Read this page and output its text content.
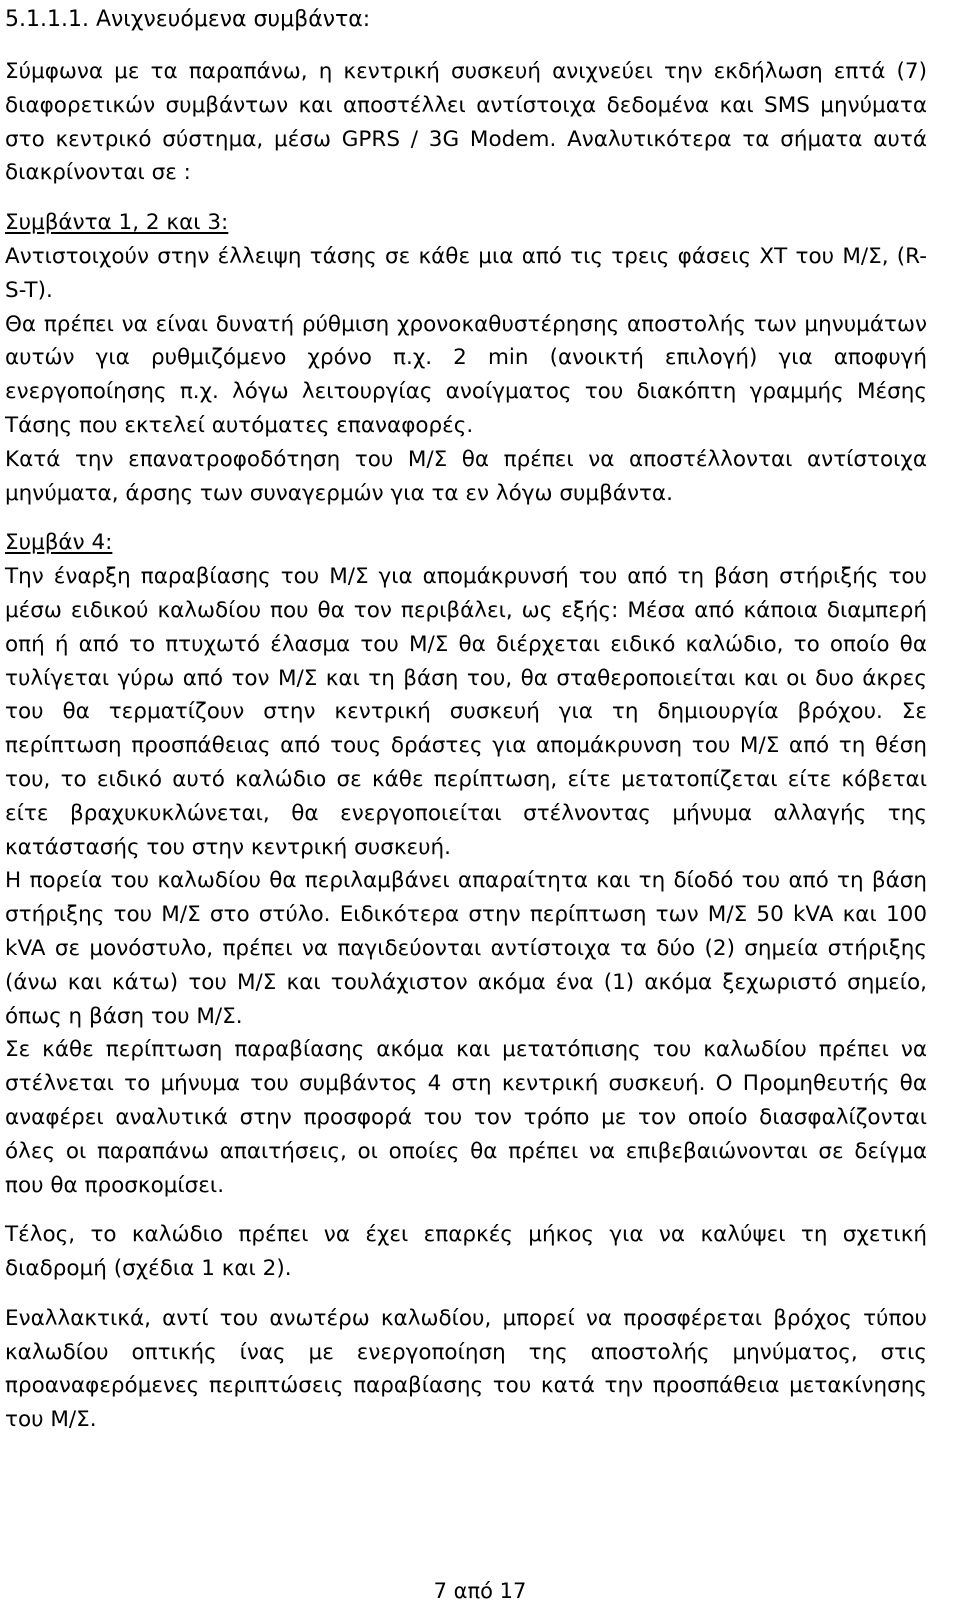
5.1.1.1. Ανιχνευόμενα συμβάντα:

Σύμφωνα με τα παραπάνω, η κεντρική συσκευή ανιχνεύει την εκδήλωση επτά (7) διαφορετικών συμβάντων και αποστέλλει αντίστοιχα δεδομένα και SMS μηνύματα στο κεντρικό σύστημα, μέσω GPRS / 3G Modem. Αναλυτικότερα τα σήματα αυτά διακρίνονται σε :

Συμβάντα 1, 2 και 3:

Αντιστοιχούν στην έλλειψη τάσης σε κάθε μια από τις τρεις φάσεις ΧΤ του Μ/Σ, (R-S-T).

Θα πρέπει να είναι δυνατή ρύθμιση χρονοκαθυστέρησης αποστολής των μηνυμάτων αυτών για ρυθμιζόμενο χρόνο π.χ. 2 min (ανοικτή επιλογή) για αποφυγή ενεργοποίησης π.χ. λόγω λειτουργίας ανοίγματος του διακόπτη γραμμής Μέσης Τάσης που εκτελεί αυτόματες επαναφορές.

Κατά την επανατροφοδότηση του Μ/Σ θα πρέπει να αποστέλλονται αντίστοιχα μηνύματα, άρσης των συναγερμών για τα εν λόγω συμβάντα.

Συμβάν 4:

Την έναρξη παραβίασης του Μ/Σ για απομάκρυνσή του από τη βάση στήριξής του μέσω ειδικού καλωδίου που θα τον περιβάλει, ως εξής: Μέσα από κάποια διαμπερή οπή ή από το πτυχωτό έλασμα του Μ/Σ θα διέρχεται ειδικό καλώδιο, το οποίο θα τυλίγεται γύρω από τον Μ/Σ και τη βάση του, θα σταθεροποιείται και οι δυο άκρες του θα τερματίζουν στην κεντρική συσκευή για τη δημιουργία βρόχου. Σε περίπτωση προσπάθειας από τους δράστες για απομάκρυνση του Μ/Σ από τη θέση του, το ειδικό αυτό καλώδιο σε κάθε περίπτωση, είτε μετατοπίζεται είτε κόβεται είτε βραχυκυκλώνεται, θα ενεργοποιείται στέλνοντας μήνυμα αλλαγής της κατάστασής του στην κεντρική συσκευή.

Η πορεία του καλωδίου θα περιλαμβάνει απαραίτητα και τη δίοδό του από τη βάση στήριξης του Μ/Σ στο στύλο. Ειδικότερα στην περίπτωση των Μ/Σ 50 kVA και 100 kVA σε μονόστυλο, πρέπει να παγιδεύονται αντίστοιχα τα δύο (2) σημεία στήριξης (άνω και κάτω) του Μ/Σ και τουλάχιστον ακόμα ένα (1) ακόμα ξεχωριστό σημείο, όπως η βάση του Μ/Σ.

Σε κάθε περίπτωση παραβίασης ακόμα και μετατόπισης του καλωδίου πρέπει να στέλνεται το μήνυμα του συμβάντος 4 στη κεντρική συσκευή. Ο Προμηθευτής θα αναφέρει αναλυτικά στην προσφορά του τον τρόπο με τον οποίο διασφαλίζονται όλες οι παραπάνω απαιτήσεις, οι οποίες θα πρέπει να επιβεβαιώνονται σε δείγμα που θα προσκομίσει.

Τέλος, το καλώδιο πρέπει να έχει επαρκές μήκος για να καλύψει τη σχετική διαδρομή (σχέδια 1 και 2).

Εναλλακτικά, αντί του ανωτέρω καλωδίου, μπορεί να προσφέρεται βρόχος τύπου καλωδίου οπτικής ίνας με ενεργοποίηση της αποστολής μηνύματος, στις προαναφερόμενες περιπτώσεις παραβίασης του κατά την προσπάθεια μετακίνησης του Μ/Σ.

7 από 17
